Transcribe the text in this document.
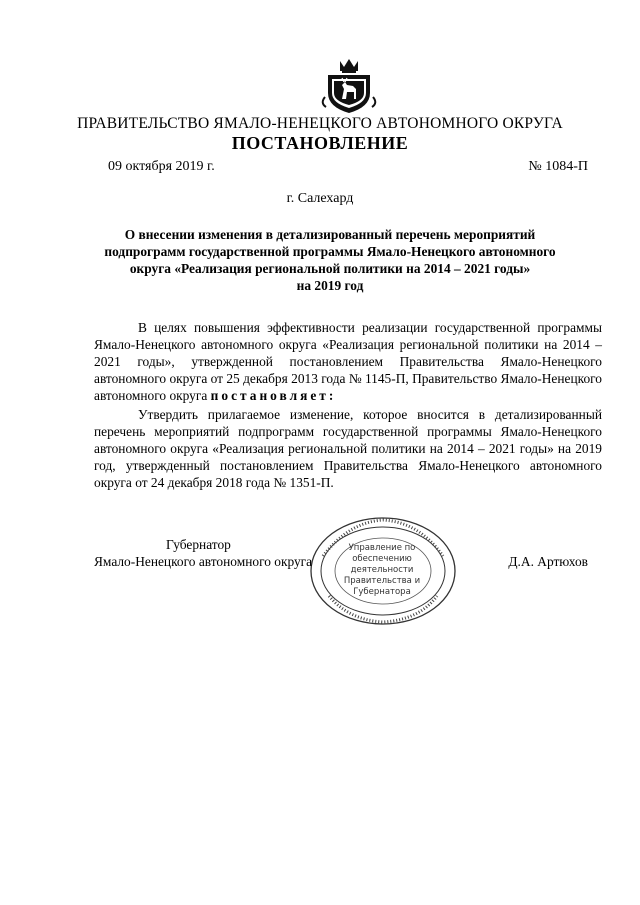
ПРАВИТЕЛЬСТВО ЯМАЛО-НЕНЕЦКОГО АВТОНОМНОГО ОКРУГА
ПОСТАНОВЛЕНИЕ
09 октября 2019 г.	№ 1084-П
г. Салехард
О внесении изменения в детализированный перечень мероприятий
подпрограмм государственной программы Ямало-Ненецкого автономного
округа «Реализация региональной политики на 2014 – 2021 годы»
на 2019 год
В целях повышения эффективности реализации государственной программы Ямало-Ненецкого автономного округа «Реализация региональной политики на 2014 – 2021 годы», утвержденной постановлением Правительства Ямало-Ненецкого автономного округа от 25 декабря 2013 года № 1145-П, Правительство Ямало-Ненецкого автономного округа постановляет:
Утвердить прилагаемое изменение, которое вносится в детализированный перечень мероприятий подпрограмм государственной программы Ямало-Ненецкого автономного округа «Реализация региональной политики на 2014 – 2021 годы» на 2019 год, утвержденный постановлением Правительства Ямало-Ненецкого автономного округа от 24 декабря 2018 года № 1351-П.
Управление по обеспечению деятельности Правительства и Губернатора
Губернатор
Ямало-Ненецкого автономного округа	Д.А. Артюхов
